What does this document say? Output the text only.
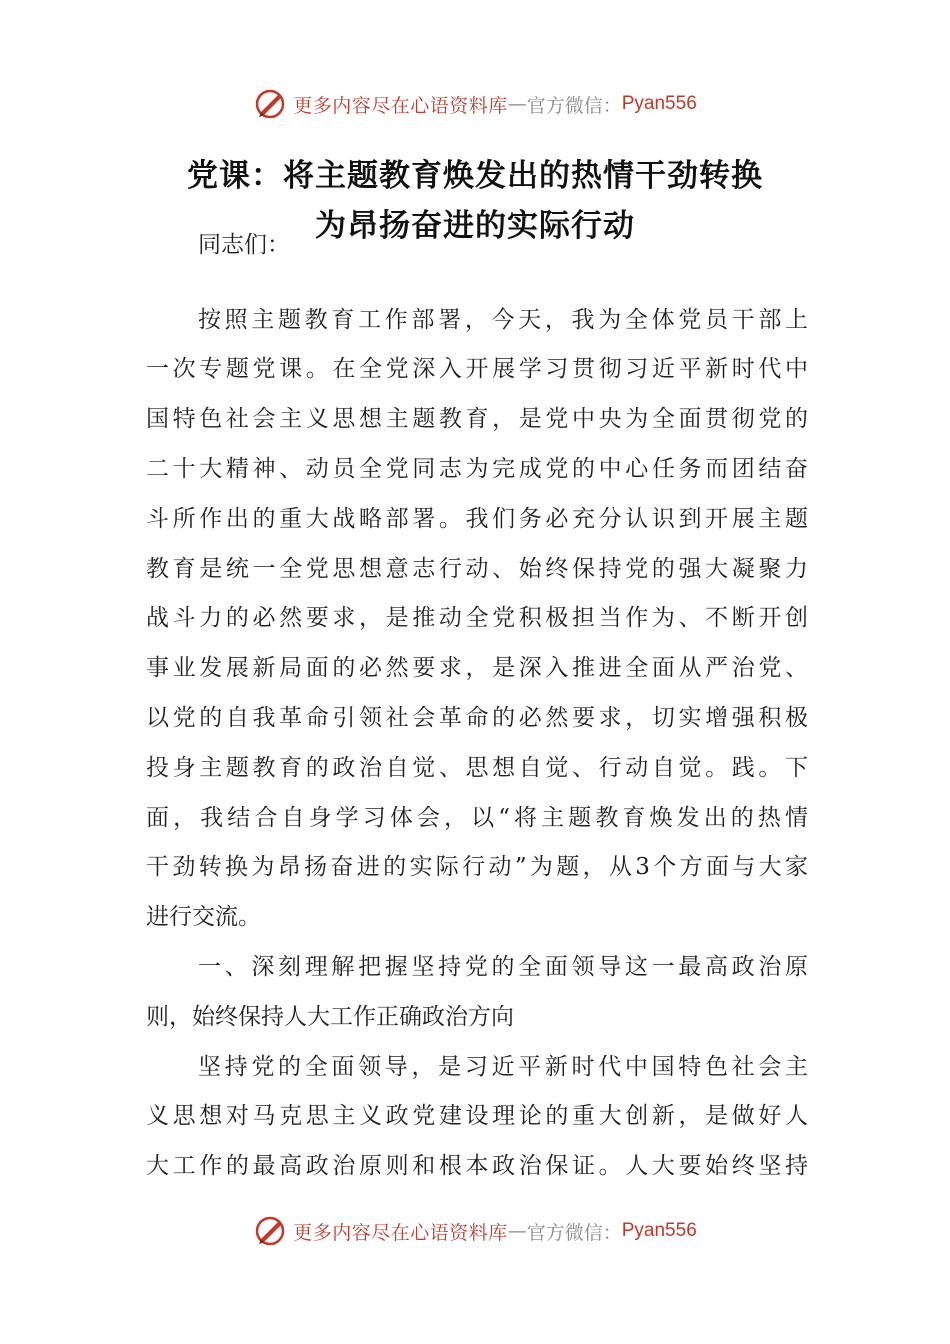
更多内容尽在心语资料库 — 官方微信： Pyan556
党课：将主题教育焕发出的热情干劲转换
为昂扬奋进的实际行动
同志们：
按照主题教育工作部署，今天，我为全体党员干部上
一次专题党课。在全党深入开展学习贯彻习近平新时代中
国特色社会主义思想主题教育，是党中央为全面贯彻党的
二十大精神、动员全党同志为完成党的中心任务而团结奋
斗所作出的重大战略部署。我们务必充分认识到开展主题
教育是统一全党思想意志行动、始终保持党的强大凝聚力
战斗力的必然要求，是推动全党积极担当作为、不断开创
事业发展新局面的必然要求，是深入推进全面从严治党、
以党的自我革命引领社会革命的必然要求，切实增强积极
投身主题教育的政治自觉、思想自觉、行动自觉。践。下
面，我结合自身学习体会，以“将主题教育焕发出的热情
干劲转换为昂扬奋进的实际行动”为题，从3个方面与大家
进行交流。
一、深刻理解把握坚持党的全面领导这一最高政治原
则，始终保持人大工作正确政治方向
坚持党的全面领导，是习近平新时代中国特色社会主
义思想对马克思主义政党建设理论的重大创新，是做好人
大工作的最高政治原则和根本政治保证。人大要始终坚持
更多内容尽在心语资料库 — 官方微信： Pyan556
